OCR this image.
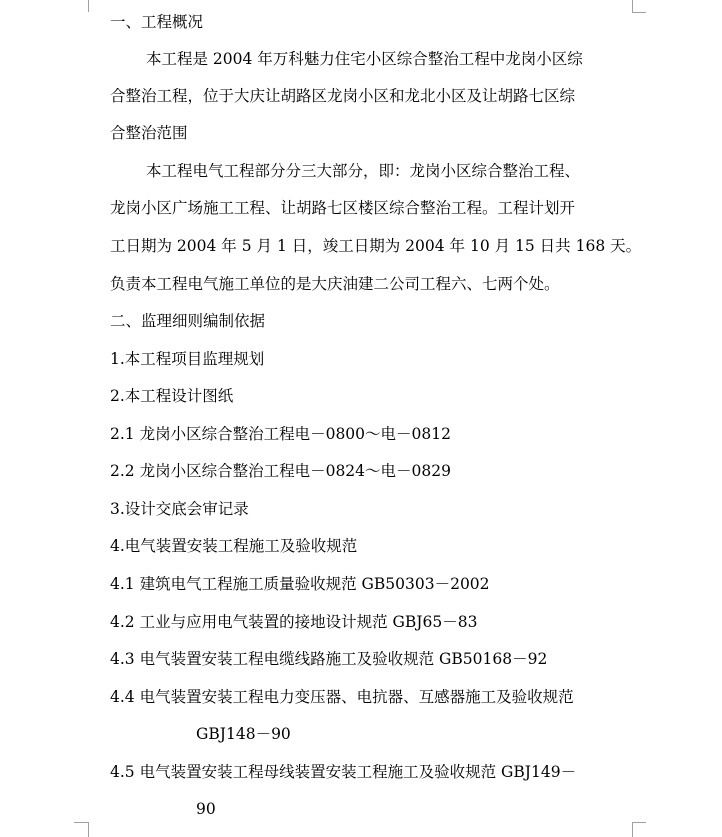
一、工程概况
本工程是 2004 年万科魅力住宅小区综合整治工程中龙岗小区综
合整治工程，位于大庆让胡路区龙岗小区和龙北小区及让胡路七区综
合整治范围
本工程电气工程部分分三大部分，即：龙岗小区综合整治工程、
龙岗小区广场施工工程、让胡路七区楼区综合整治工程。工程计划开
工日期为 2004 年 5 月 1 日，竣工日期为 2004 年 10 月 15 日共 168 天。
负责本工程电气施工单位的是大庆油建二公司工程六、七两个处。
二、监理细则编制依据
1.本工程项目监理规划
2.本工程设计图纸
2.1 龙岗小区综合整治工程电－0800～电－0812
2.2 龙岗小区综合整治工程电－0824～电－0829
3.设计交底会审记录
4.电气装置安装工程施工及验收规范
4.1 建筑电气工程施工质量验收规范 GB50303－2002
4.2 工业与应用电气装置的接地设计规范 GBJ65－83
4.3 电气装置安装工程电缆线路施工及验收规范 GB50168－92
4.4 电气装置安装工程电力变压器、电抗器、互感器施工及验收规范
GBJ148－90
4.5 电气装置安装工程母线装置安装工程施工及验收规范 GBJ149－
90
